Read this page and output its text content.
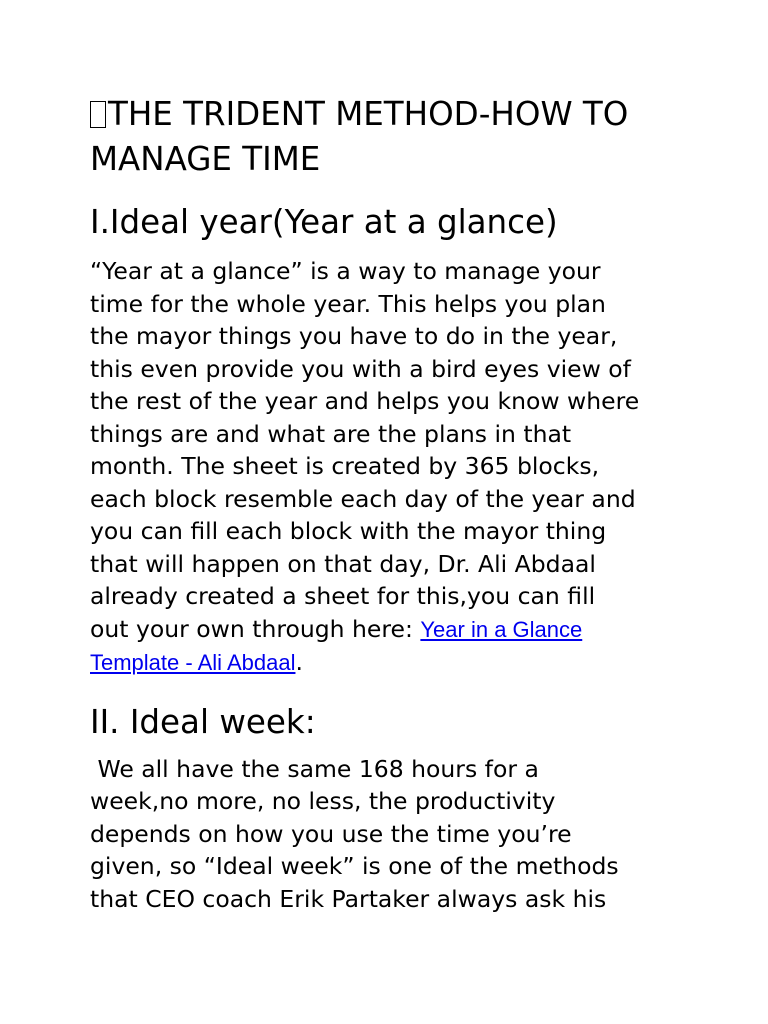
THE TRIDENT METHOD-HOW TO
MANAGE TIME
I.Ideal year(Year at a glance)

“Year at a glance” is a way to manage your
time for the whole year. This helps you plan
the mayor things you have to do in the year,
this even provide you with a bird eyes view of
the rest of the year and helps you know where
things are and what are the plans in that
month. The sheet is created by 365 blocks,
each block resemble each day of the year and
you can fill each block with the mayor thing
that will happen on that day, Dr. Ali Abdaal
already created a sheet for this,you can fill
out your own through here: Year in a Glance
Template - Ali Abdaal.

II. Ideal week:

We all have the same 168 hours for a
week,no more, no less, the productivity
depends on how you use the time you’re
given, so “Ideal week” is one of the methods
that CEO coach Erik Partaker always ask his
